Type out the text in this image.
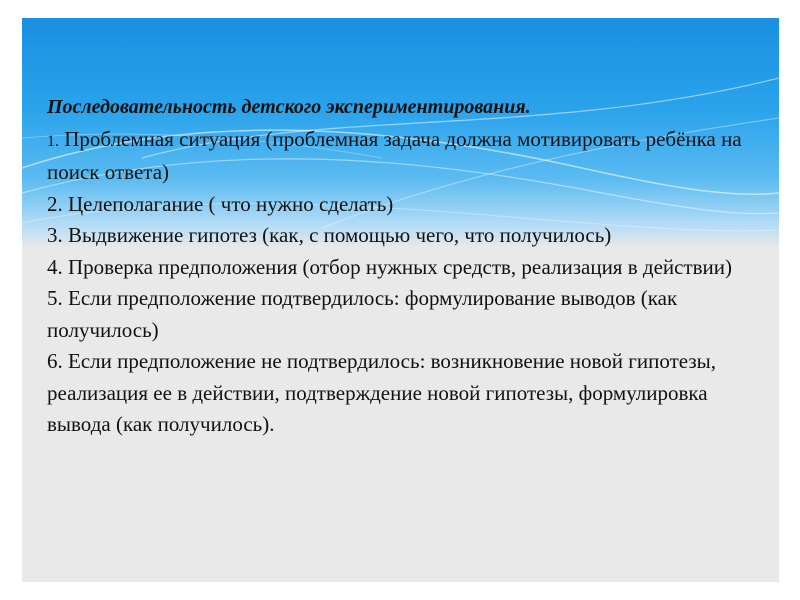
Последовательность детского экспериментирования.
1. Проблемная ситуация (проблемная задача должна мотивировать ребёнка на поиск ответа)
2. Целеполагание ( что нужно сделать)
3. Выдвижение гипотез (как, с помощью чего, что получилось)
4. Проверка предположения (отбор нужных средств, реализация в действии)
5. Если предположение подтвердилось: формулирование выводов (как получилось)
6. Если предположение не подтвердилось: возникновение новой гипотезы, реализация ее в действии, подтверждение новой гипотезы, формулировка вывода (как получилось).
